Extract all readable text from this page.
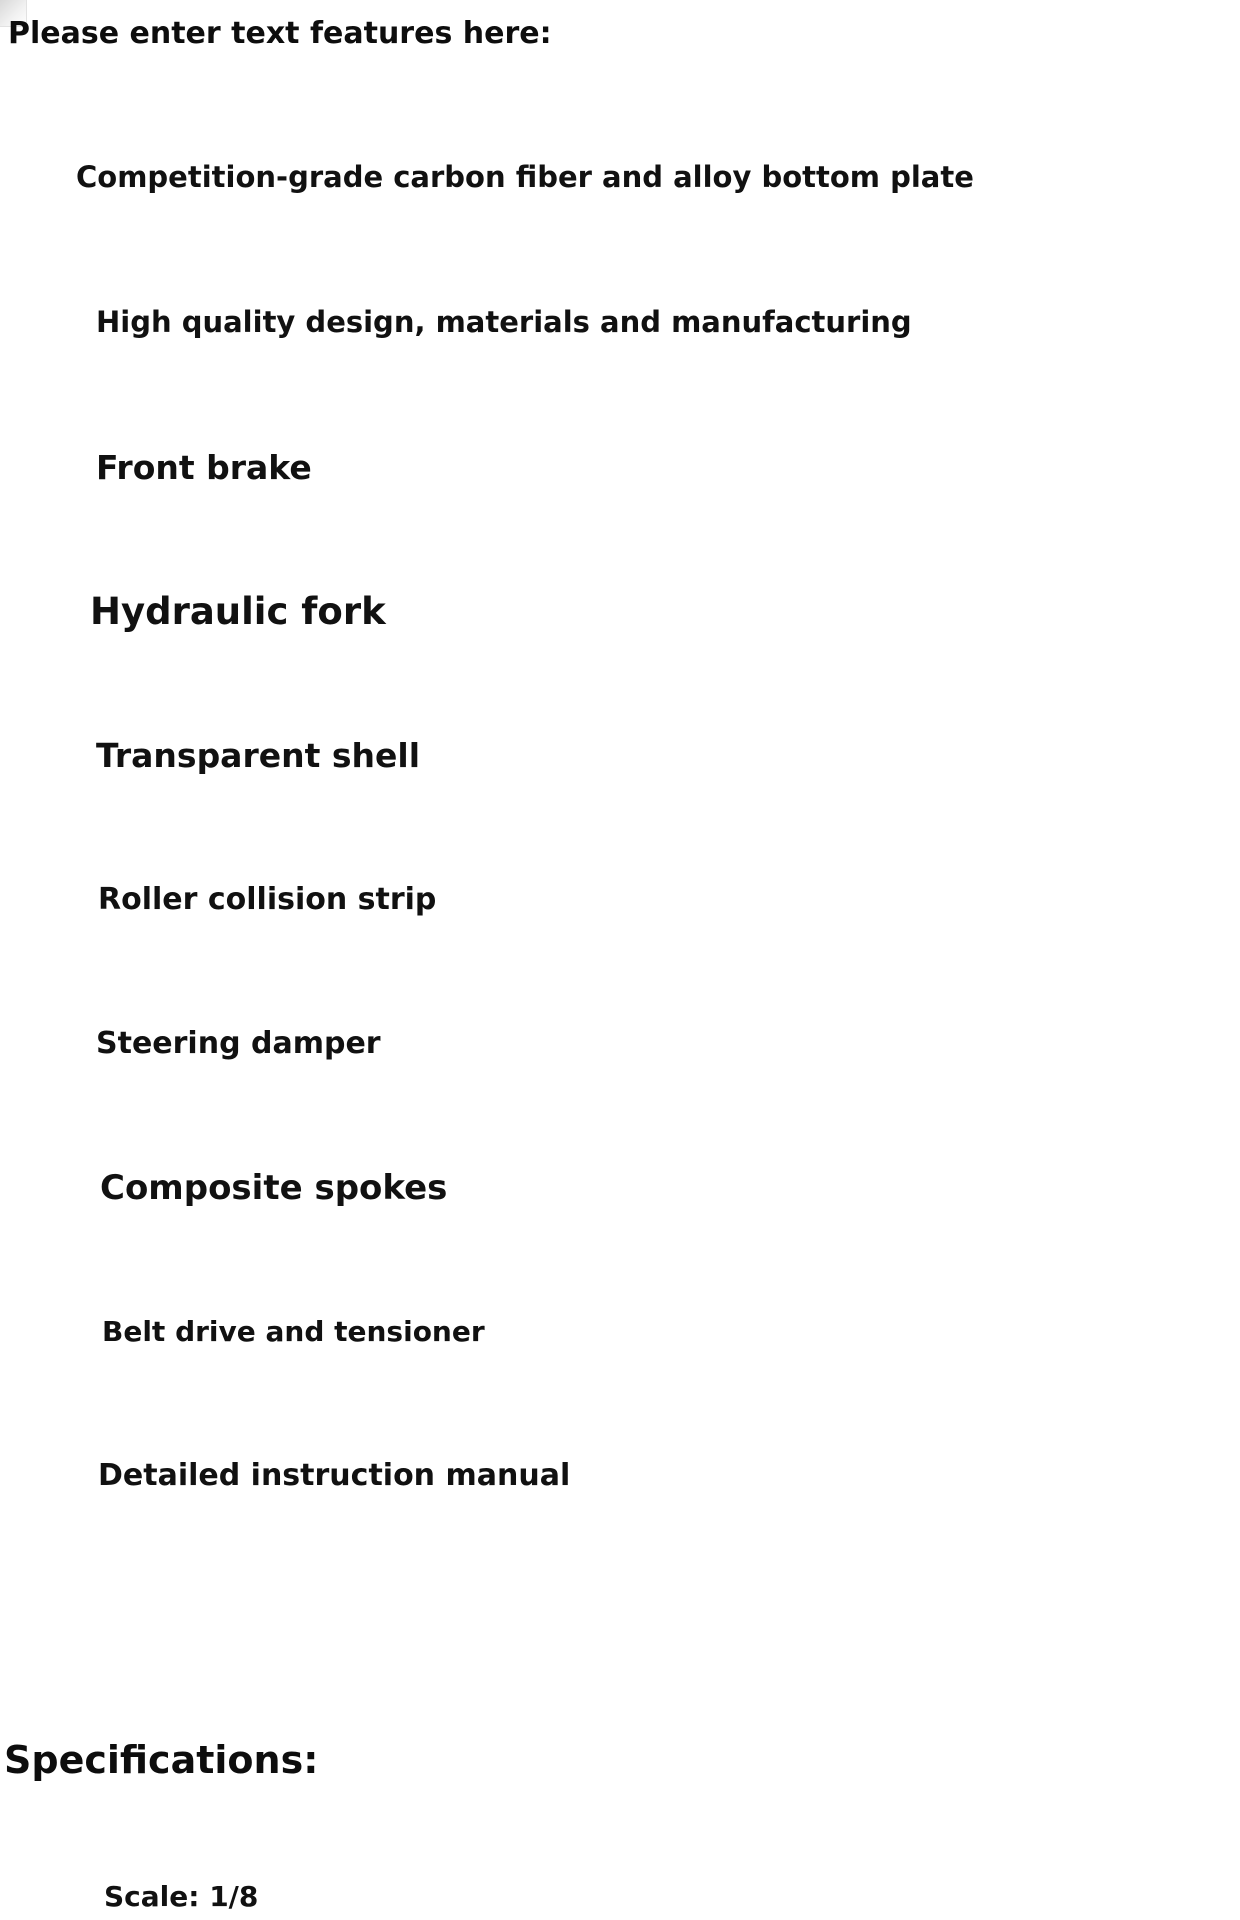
Please enter text features here:
Competition-grade carbon fiber and alloy bottom plate
High quality design, materials and manufacturing
Front brake
Hydraulic fork
Transparent shell
Roller collision strip
Steering damper
Composite spokes
Belt drive and tensioner
Detailed instruction manual
Specifications:
Scale: 1/8
